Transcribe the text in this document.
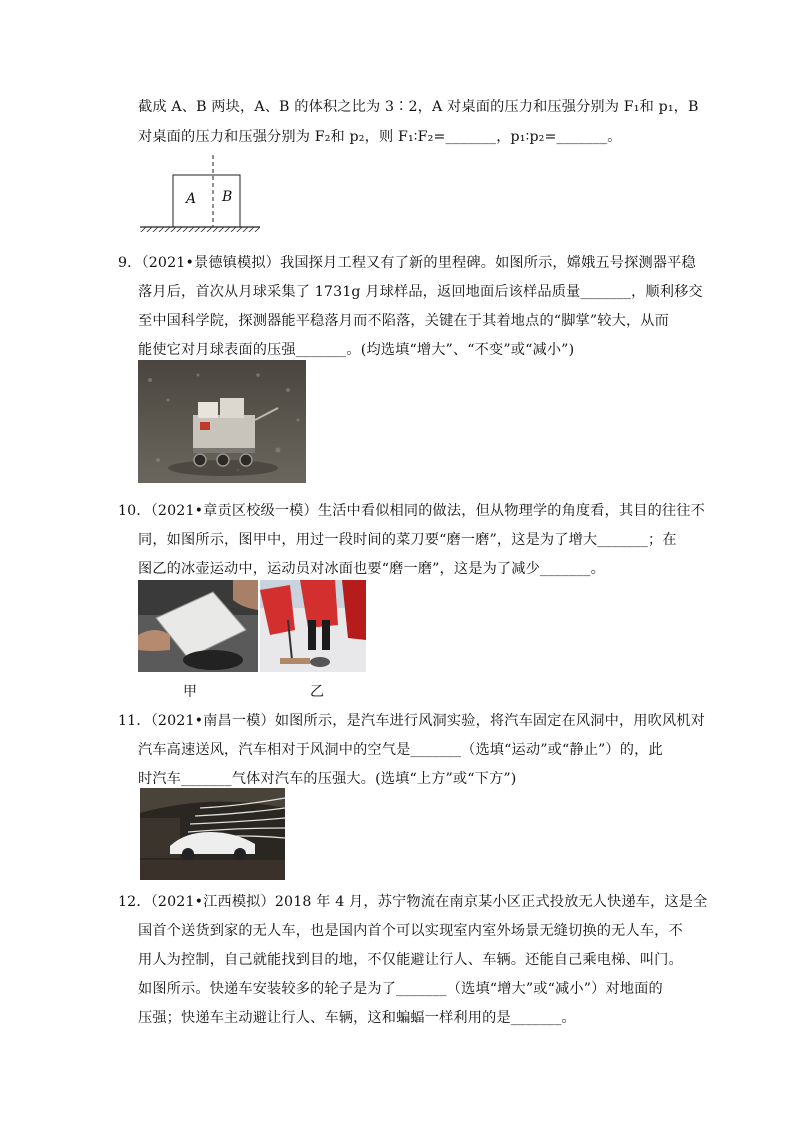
截成 A、B 两块，A、B 的体积之比为 3∶2，A 对桌面的压力和压强分别为 F₁和 p₁，B
对桌面的压力和压强分别为 F₂和 p₂，则 F₁∶F₂=_______，p₁∶p₂=_______。
A B
9．（2021•景德镇模拟）我国探月工程又有了新的里程碑。如图所示，嫦娥五号探测器平稳
落月后，首次从月球采集了 1731g 月球样品，返回地面后该样品质量_______，顺利移交
至中国科学院，探测器能平稳落月而不陷落，关键在于其着地点的“脚掌”较大，从而
能使它对月球表面的压强_______。(均选填“增大”、“不变”或“减小”)
10．（2021•章贡区校级一模）生活中看似相同的做法，但从物理学的角度看，其目的往往不
同，如图所示，图甲中，用过一段时间的菜刀要“磨一磨”，这是为了增大_______；在
图乙的冰壶运动中，运动员对冰面也要“磨一磨”，这是为了减少_______。
甲	乙
11．（2021•南昌一模）如图所示，是汽车进行风洞实验，将汽车固定在风洞中，用吹风机对
汽车高速送风，汽车相对于风洞中的空气是_______（选填“运动”或“静止”）的，此
时汽车_______气体对汽车的压强大。(选填“上方”或“下方”)
12．（2021•江西模拟）2018 年 4 月，苏宁物流在南京某小区正式投放无人快递车，这是全
国首个送货到家的无人车，也是国内首个可以实现室内室外场景无缝切换的无人车，不
用人为控制，自己就能找到目的地，不仅能避让行人、车辆。还能自己乘电梯、叫门。
如图所示。快递车安装较多的轮子是为了_______（选填“增大”或“减小”）对地面的
压强；快递车主动避让行人、车辆，这和蝙蝠一样利用的是_______。
